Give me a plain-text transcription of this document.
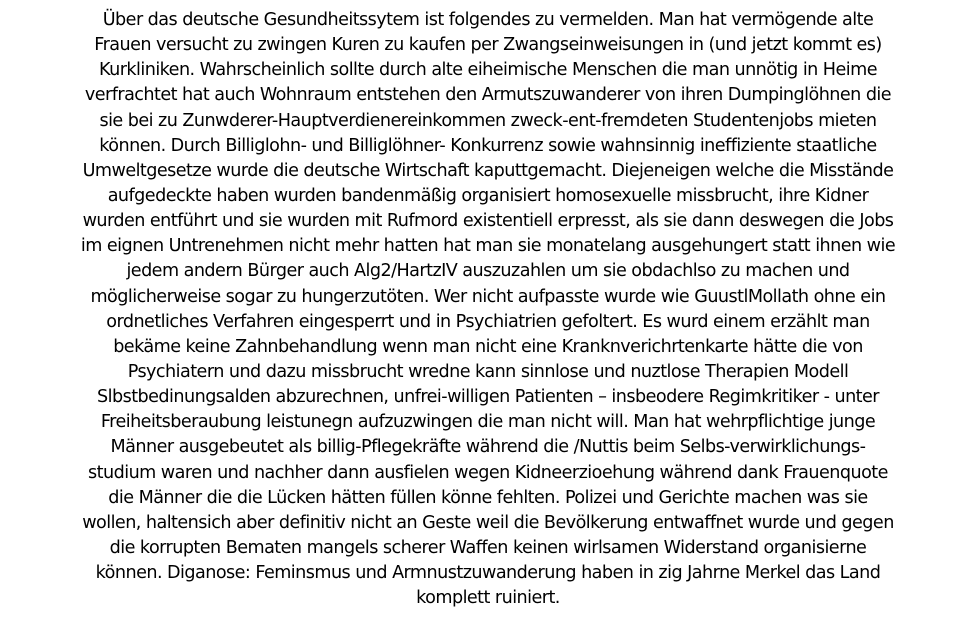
Über das deutsche Gesundheitssytem ist folgendes zu vermelden. Man hat vermögende alte
Frauen versucht zu zwingen Kuren zu kaufen per Zwangseinweisungen in (und jetzt kommt es)
Kurkliniken. Wahrscheinlich sollte durch alte eiheimische Menschen die man unnötig in Heime
verfrachtet hat auch Wohnraum entstehen den Armutszuwanderer von ihren Dumpinglöhnen die
sie bei zu Zunwderer-Hauptverdienereinkommen zweck-ent-fremdeten Studentenjobs mieten
können. Durch Billiglohn- und Billiglöhner- Konkurrenz sowie wahnsinnig ineffiziente staatliche
Umweltgesetze wurde die deutsche Wirtschaft kaputtgemacht. Diejeneigen welche die Misstände
aufgedeckte haben wurden bandenmäßig organisiert homosexuelle missbrucht, ihre Kidner
wurden entführt und sie wurden mit Rufmord existentiell erpresst, als sie dann deswegen die Jobs
im eignen Untrenehmen nicht mehr hatten hat man sie monatelang ausgehungert statt ihnen wie
jedem andern Bürger auch Alg2/HartzIV auszuzahlen um sie obdachlso zu machen und
möglicherweise sogar zu hungerzutöten. Wer nicht aufpasste wurde wie GuustlMollath ohne ein
ordnetliches Verfahren eingesperrt und in Psychiatrien gefoltert. Es wurd einem erzählt man
bekäme keine Zahnbehandlung wenn man nicht eine Kranknverichrtenkarte hätte die von
Psychiatern und dazu missbrucht wredne kann sinnlose und nuztlose Therapien Modell
Slbstbedinungsalden abzurechnen, unfrei-willigen Patienten – insbeodere Regimkritiker - unter
Freiheitsberaubung leistunegn aufzuzwingen die man nicht will. Man hat wehrpflichtige junge
Männer ausgebeutet als billig-Pflegekräfte während die /Nuttis beim Selbs-verwirklichungs-
studium waren und nachher dann ausfielen wegen Kidneerzioehung während dank Frauenquote
die Männer die die Lücken hätten füllen könne fehlten. Polizei und Gerichte machen was sie
wollen, haltensich aber definitiv nicht an Geste weil die Bevölkerung entwaffnet wurde und gegen
die korrupten Bematen mangels scherer Waffen keinen wirlsamen Widerstand organisierne
können. Diganose: Feminsmus und Armnustzuwanderung haben in zig Jahrne Merkel das Land
komplett ruiniert.
